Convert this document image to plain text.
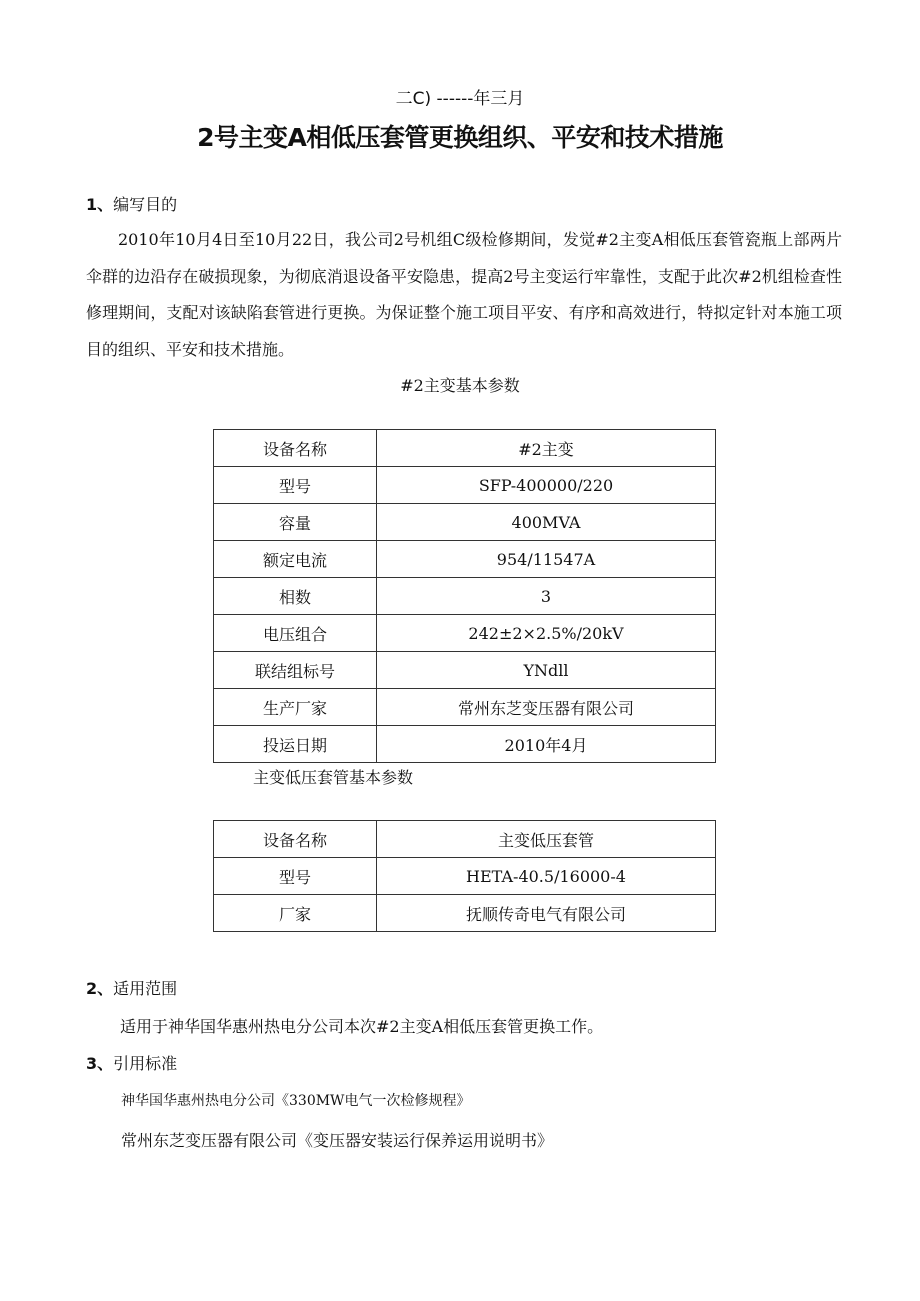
二C) ------年三月
2号主变A相低压套管更换组织、平安和技术措施
1、编写目的
2010年10月4日至10月22日，我公司2号机组C级检修期间，发觉#2主变A相低压套管瓷瓶上部两片伞群的边沿存在破损现象，为彻底消退设备平安隐患，提高2号主变运行牢靠性，支配于此次#2机组检查性修理期间，支配对该缺陷套管进行更换。为保证整个施工项目平安、有序和高效进行，特拟定针对本施工项目的组织、平安和技术措施。
#2主变基本参数
设备名称	#2主变
型号	SFP-400000/220
容量	400MVA
额定电流	954/11547A
相数	3
电压组合	242±2×2.5%/20kV
联结组标号	YNdll
生产厂家	常州东芝变压器有限公司
投运日期	2010年4月
主变低压套管基本参数
设备名称	主变低压套管
型号	HETA-40.5/16000-4
厂家	抚顺传奇电气有限公司
2、适用范围
适用于神华国华惠州热电分公司本次#2主变A相低压套管更换工作。
3、引用标准
神华国华惠州热电分公司《330MW电气一次检修规程》
常州东芝变压器有限公司《变压器安装运行保养运用说明书》
